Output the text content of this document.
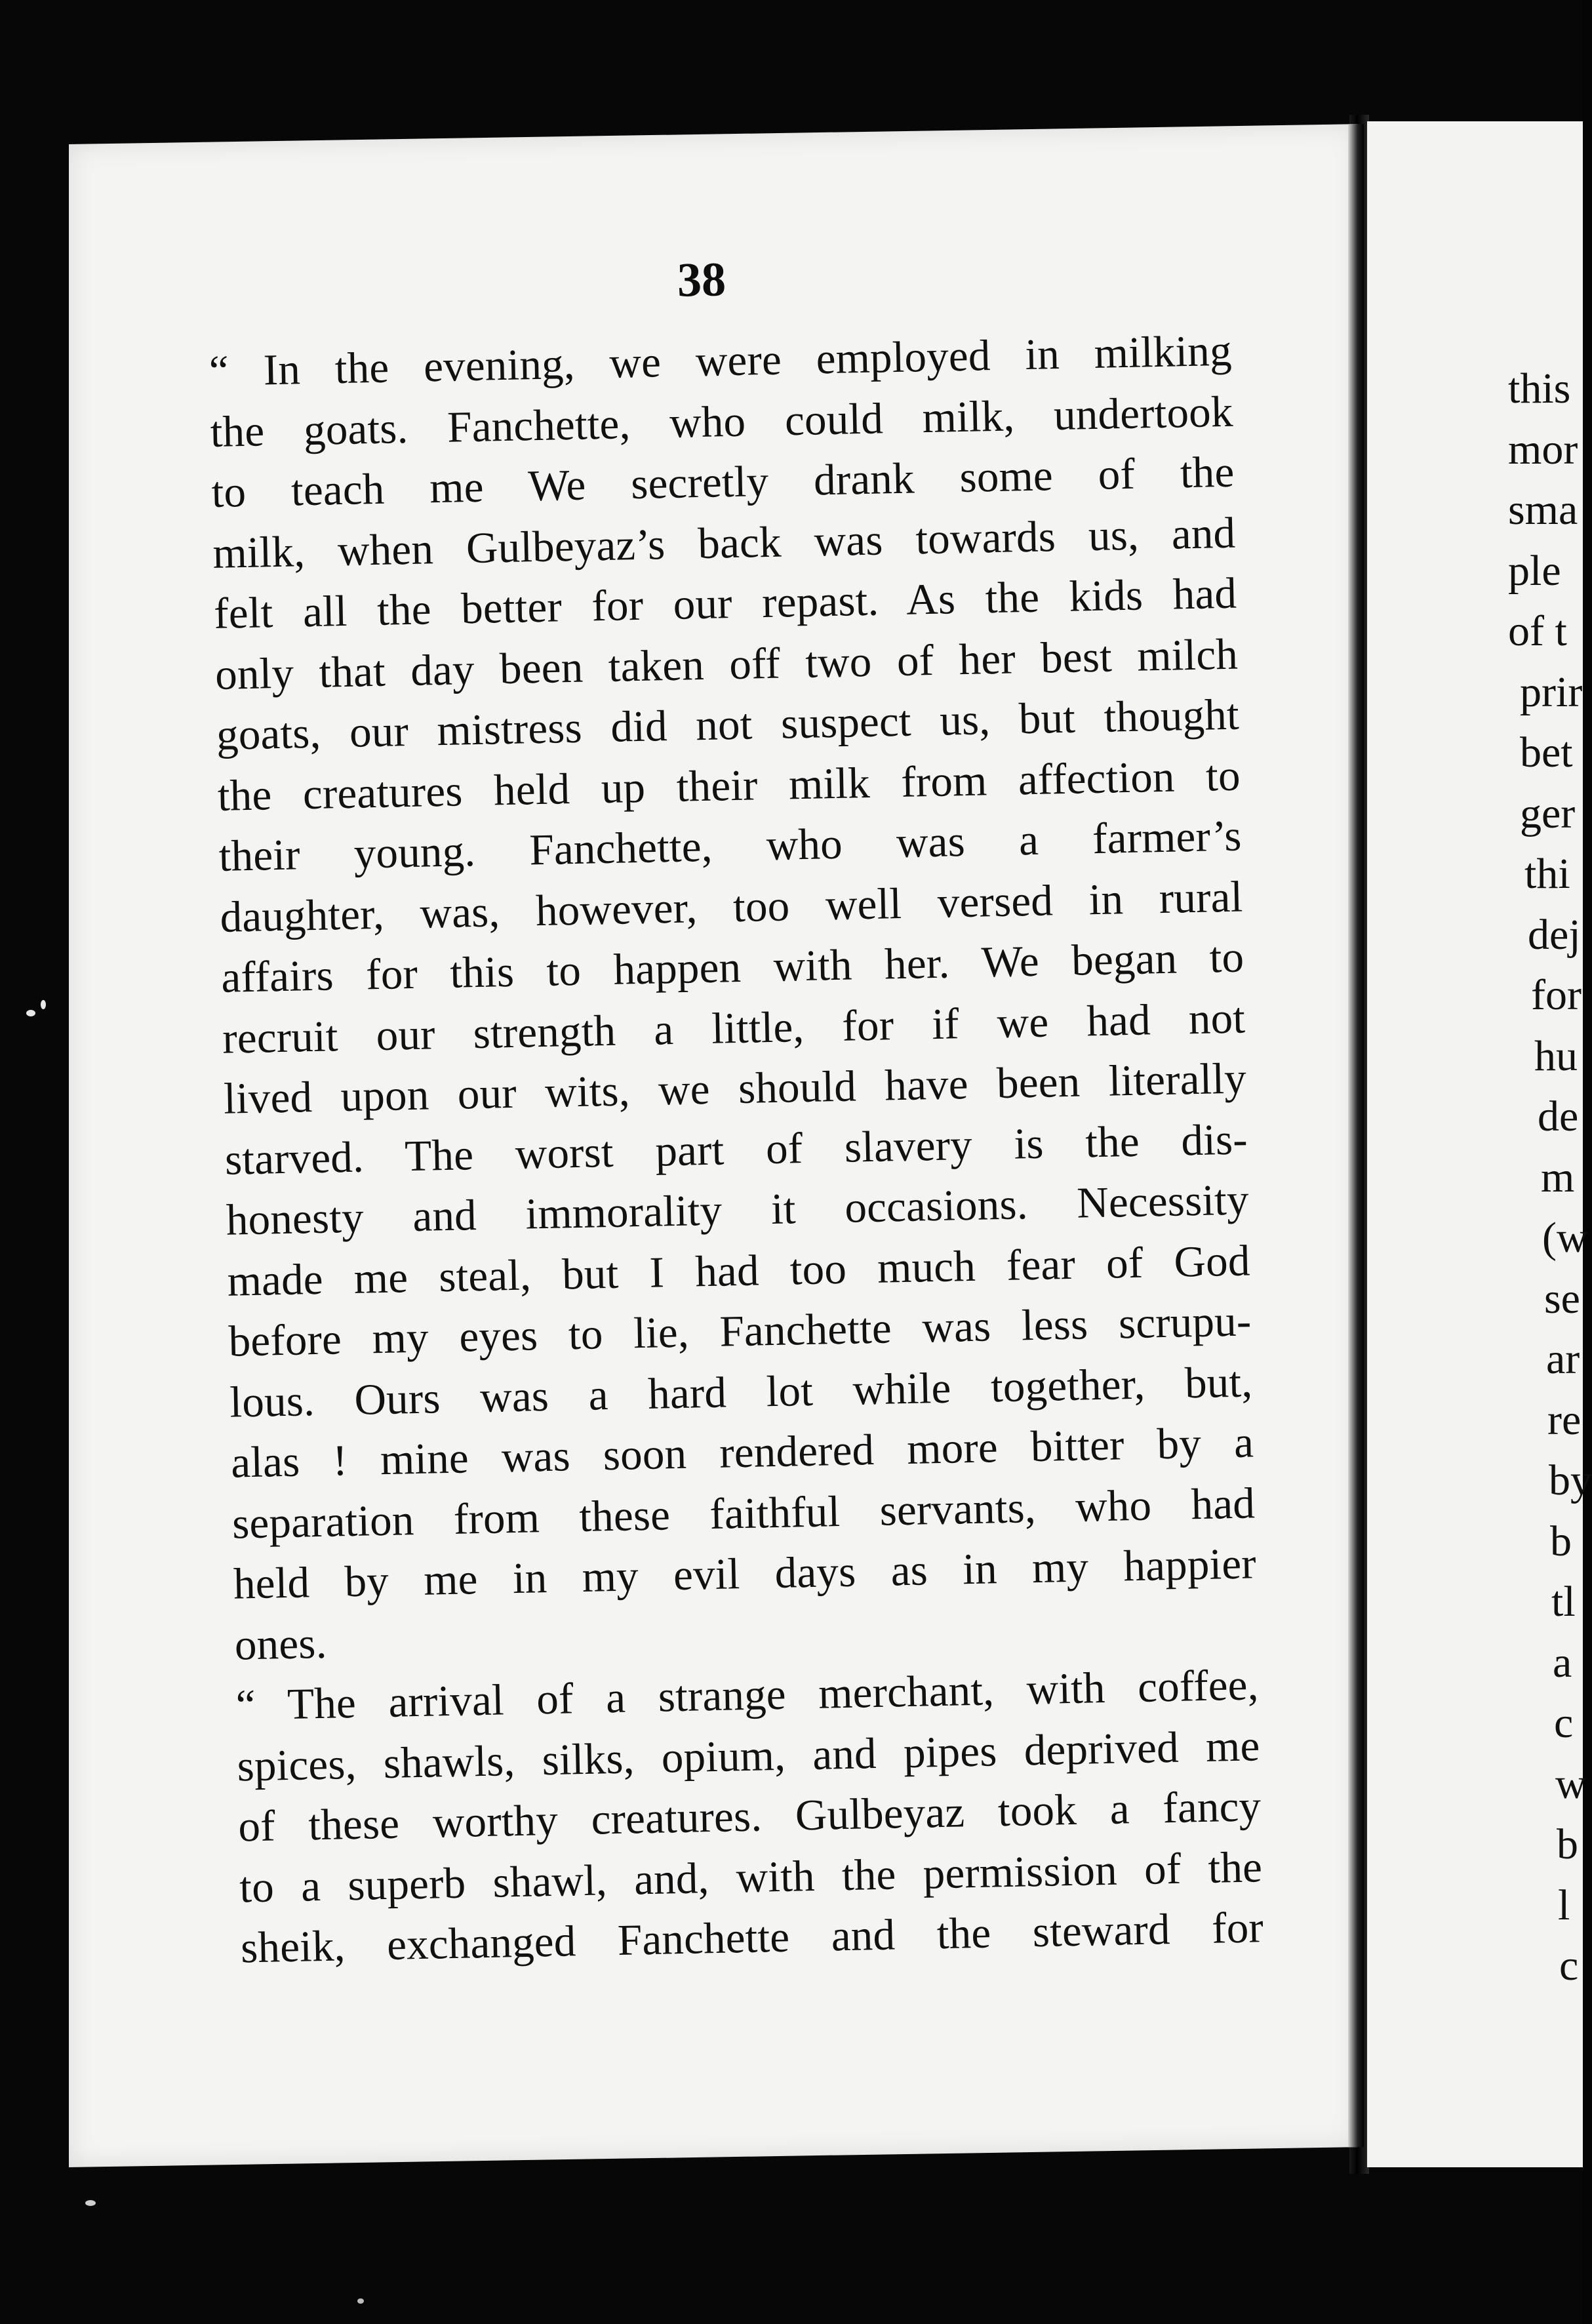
38
“ In the evening, we were employed in milking
the goats. Fanchette, who could milk, undertook
to teach me We secretly drank some of the
milk, when Gulbeyaz’s back was towards us, and
felt all the better for our repast. As the kids had
only that day been taken off two of her best milch
goats, our mistress did not suspect us, but thought
the creatures held up their milk from affection to
their young. Fanchette, who was a farmer’s
daughter, was, however, too well versed in rural
affairs for this to happen with her. We began to
recruit our strength a little, for if we had not
lived upon our wits, we should have been literally
starved. The worst part of slavery is the dis-
honesty and immorality it occasions. Necessity
made me steal, but I had too much fear of God
before my eyes to lie, Fanchette was less scrupu-
lous. Ours was a hard lot while together, but,
alas ! mine was soon rendered more bitter by a
separation from these faithful servants, who had
held by me in my evil days as in my happier
ones.
“ The arrival of a strange merchant, with coffee,
spices, shawls, silks, opium, and pipes deprived me
of these worthy creatures. Gulbeyaz took a fancy
to a superb shawl, and, with the permission of the
sheik, exchanged Fanchette and the steward for
this
mor
sma
ple
of t
prir
bet
ger
thi
dej
for
hu
de
m
(w
se
ar
re
by
b
tl
a
c
w
b
l
c
